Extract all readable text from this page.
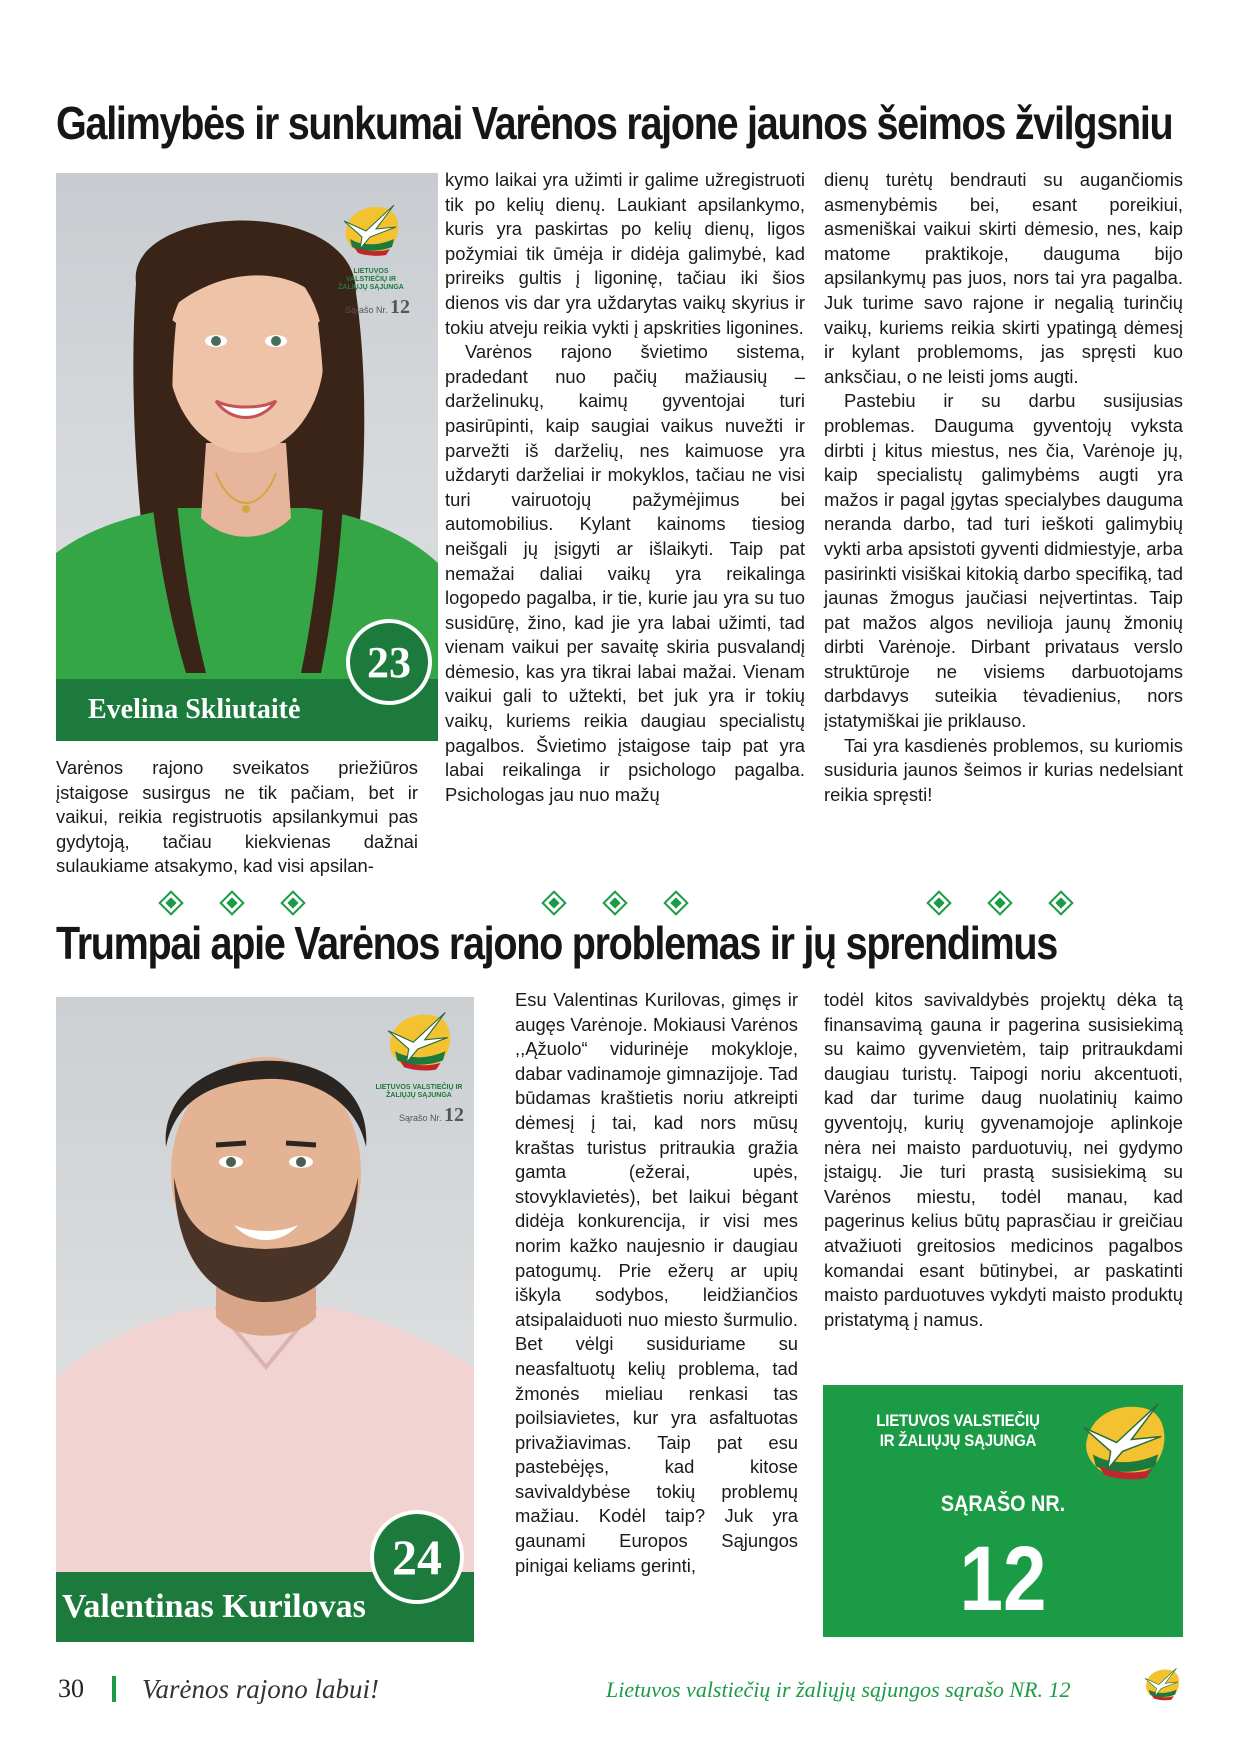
Galimybės ir sunkumai Varėnos rajone jaunos šeimos žvilgsniu
LIETUVOS VALSTIEČIŲ IR ŽALIŲJŲ SĄJUNGA
Sąrašo Nr. 12
Evelina Skliutaitė
23

Varėnos rajono sveikatos priežiūros įstaigose susirgus ne tik pačiam, bet ir vaikui, reikia registruotis apsilankymui pas gydytoją, tačiau kiekvienas dažnai sulaukiame atsakymo, kad visi apsilan-

kymo laikai yra užimti ir galime užregistruoti tik po kelių dienų. Laukiant apsilankymo, kuris yra paskirtas po kelių dienų, ligos požymiai tik ūmėja ir didėja galimybė, kad prireiks gultis į ligoninę, tačiau iki šios dienos vis dar yra uždarytas vaikų skyrius ir tokiu atveju reikia vykti į apskrities ligonines.

Varėnos rajono švietimo sistema, pradedant nuo pačių mažiausių – darželinukų, kaimų gyventojai turi pasirūpinti, kaip saugiai vaikus nuvežti ir parvežti iš darželių, nes kaimuose yra uždaryti darželiai ir mokyklos, tačiau ne visi turi vairuotojų pažymėjimus bei automobilius. Kylant kainoms tiesiog neišgali jų įsigyti ar išlaikyti. Taip pat nemažai daliai vaikų yra reikalinga logopedo pagalba, ir tie, kurie jau yra su tuo susidūrę, žino, kad jie yra labai užimti, tad vienam vaikui per savaitę skiria pusvalandį dėmesio, kas yra tikrai labai mažai. Vienam vaikui gali to užtekti, bet juk yra ir tokių vaikų, kuriems reikia daugiau specialistų pagalbos. Švietimo įstaigose taip pat yra labai reikalinga ir psichologo pagalba. Psichologas jau nuo mažų

dienų turėtų bendrauti su augančiomis asmenybėmis bei, esant poreikiui, asmeniškai vaikui skirti dėmesio, nes, kaip matome praktikoje, dauguma bijo apsilankymų pas juos, nors tai yra pagalba. Juk turime savo rajone ir negalią turinčių vaikų, kuriems reikia skirti ypatingą dėmesį ir kylant problemoms, jas spręsti kuo anksčiau, o ne leisti joms augti.

Pastebiu ir su darbu susijusias problemas. Dauguma gyventojų vyksta dirbti į kitus miestus, nes čia, Varėnoje jų, kaip specialistų galimybėms augti yra mažos ir pagal įgytas specialybes dauguma neranda darbo, tad turi ieškoti galimybių vykti arba apsistoti gyventi didmiestyje, arba pasirinkti visiškai kitokią darbo specifiką, tad jaunas žmogus jaučiasi neįvertintas. Taip pat mažos algos nevilioja jaunų žmonių dirbti Varėnoje. Dirbant privataus verslo struktūroje ne visiems darbuotojams darbdavys suteikia tėvadienius, nors įstatymiškai jie priklauso.

Tai yra kasdienės problemos, su kuriomis susiduria jaunos šeimos ir kurias nedelsiant reikia spręsti!

Trumpai apie Varėnos rajono problemas ir jų sprendimus
LIETUVOS VALSTIEČIŲ IR ŽALIŲJŲ SĄJUNGA
Sąrašo Nr. 12
Valentinas Kurilovas
24

Esu Valentinas Kurilovas, gimęs ir augęs Varėnoje. Mokiausi Varėnos ,,Ąžuolo“ vidurinėje mokykloje, dabar vadinamoje gimnazijoje. Tad būdamas kraštietis noriu atkreipti dėmesį į tai, kad nors mūsų kraštas turistus pritraukia gražia gamta (ežerai, upės, stovyklavietės), bet laikui bėgant didėja konkurencija, ir visi mes norim kažko naujesnio ir daugiau patogumų. Prie ežerų ar upių iškyla sodybos, leidžiančios atsipalaiduoti nuo miesto šurmulio. Bet vėlgi susiduriame su neasfaltuotų kelių problema, tad žmonės mieliau renkasi tas poilsiavietes, kur yra asfaltuotas privažiavimas. Taip pat esu pastebėjęs, kad kitose savivaldybėse tokių problemų mažiau. Kodėl taip? Juk yra gaunami Europos Sąjungos pinigai keliams gerinti,

todėl kitos savivaldybės projektų dėka tą finansavimą gauna ir pagerina susisiekimą su kaimo gyvenvietėm, taip pritraukdami daugiau turistų. Taipogi noriu akcentuoti, kad dar turime daug nuolatinių kaimo gyventojų, kurių gyvenamojoje aplinkoje nėra nei maisto parduotuvių, nei gydymo įstaigų. Jie turi prastą susisiekimą su Varėnos miestu, todėl manau, kad pagerinus kelius būtų paprasčiau ir greičiau atvažiuoti greitosios medicinos pagalbos komandai esant būtinybei, ar paskatinti maisto parduotuves vykdyti maisto produktų pristatymą į namus.

LIETUVOS VALSTIEČIŲ IR ŽALIŲJŲ SĄJUNGA
SĄRAŠO NR.
12
30 Varėnos rajono labui!	Lietuvos valstiečių ir žaliųjų sąjungos sąrašo NR. 12
